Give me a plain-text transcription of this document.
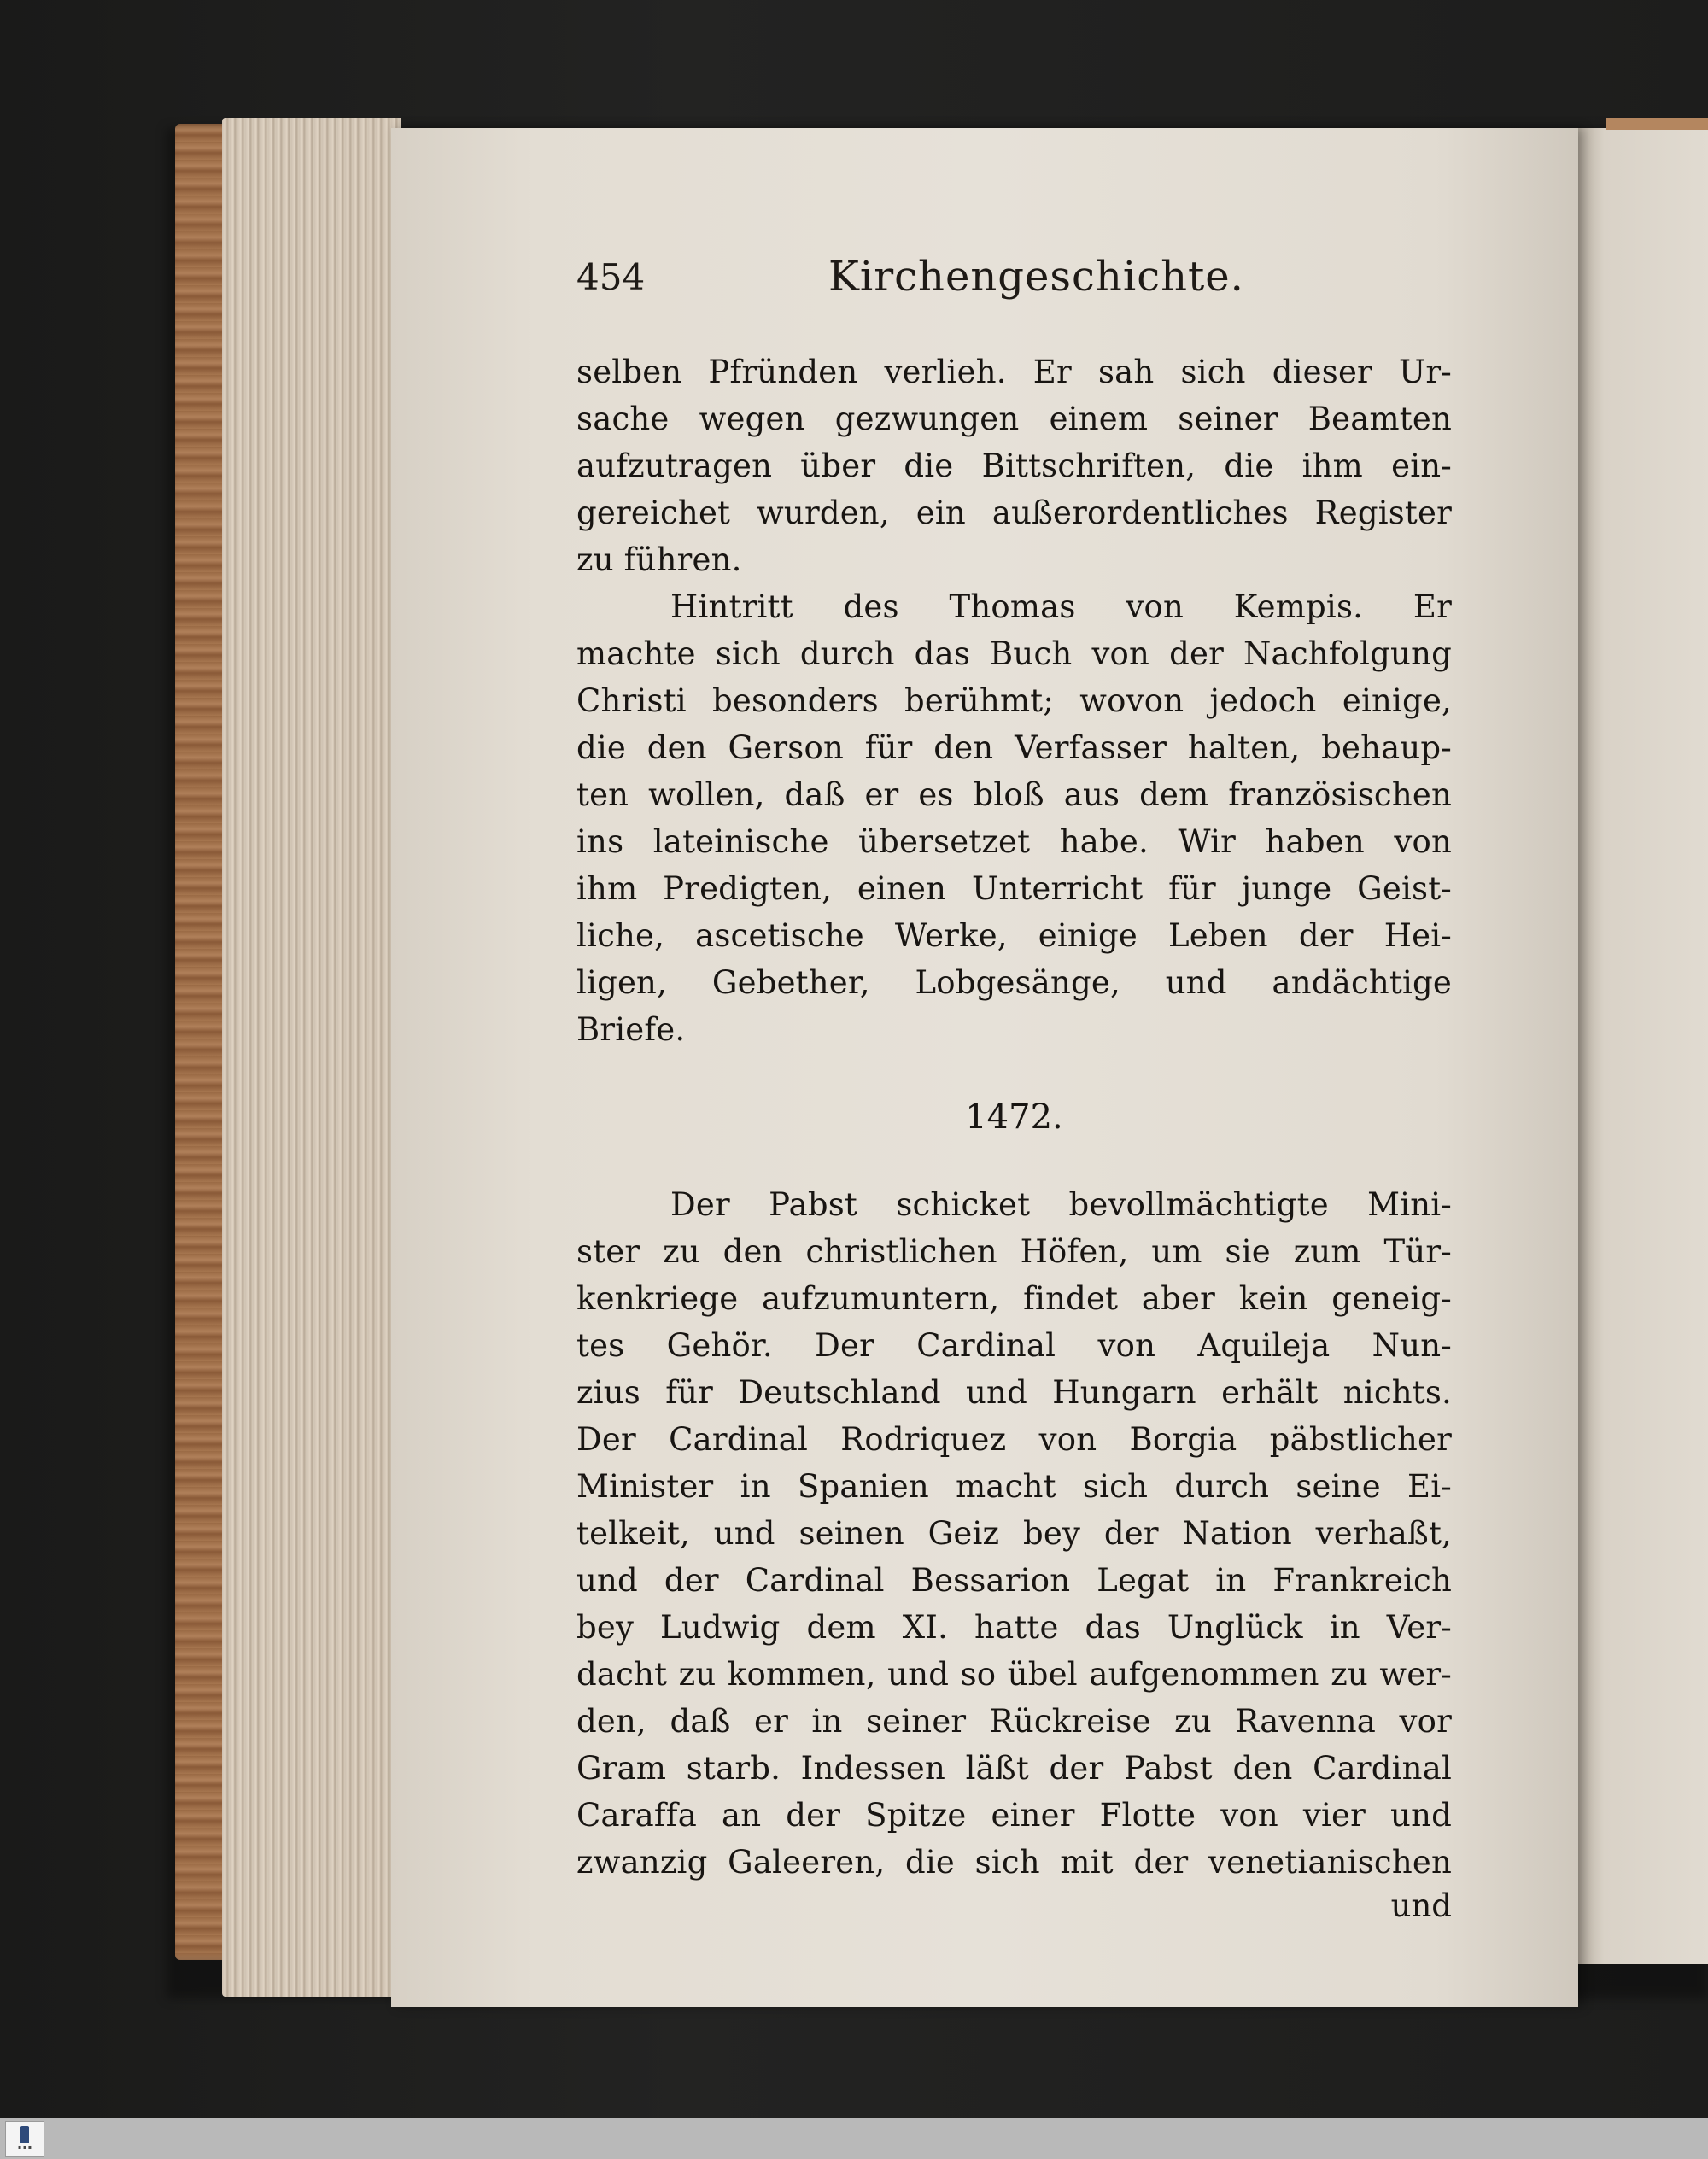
454	Kirchengeschichte.
selben Pfründen verlieh. Er sah sich dieser Ur-
sache wegen gezwungen einem seiner Beamten
aufzutragen über die Bittschriften, die ihm ein-
gereichet wurden, ein außerordentliches Register
zu führen.
Hintritt des Thomas von Kempis. Er
machte sich durch das Buch von der Nachfolgung
Christi besonders berühmt; wovon jedoch einige,
die den Gerson für den Verfasser halten, behaup-
ten wollen, daß er es bloß aus dem französischen
ins lateinische übersetzet habe. Wir haben von
ihm Predigten, einen Unterricht für junge Geist-
liche, ascetische Werke, einige Leben der Hei-
ligen, Gebether, Lobgesänge, und andächtige
Briefe.
1472.
Der Pabst schicket bevollmächtigte Mini-
ster zu den christlichen Höfen, um sie zum Tür-
kenkriege aufzumuntern, findet aber kein geneig-
tes Gehör. Der Cardinal von Aquileja Nun-
zius für Deutschland und Hungarn erhält nichts.
Der Cardinal Rodriquez von Borgia päbstlicher
Minister in Spanien macht sich durch seine Ei-
telkeit, und seinen Geiz bey der Nation verhaßt,
und der Cardinal Bessarion Legat in Frankreich
bey Ludwig dem XI. hatte das Unglück in Ver-
dacht zu kommen, und so übel aufgenommen zu wer-
den, daß er in seiner Rückreise zu Ravenna vor
Gram starb. Indessen läßt der Pabst den Cardinal
Caraffa an der Spitze einer Flotte von vier und
zwanzig Galeeren, die sich mit der venetianischen
und
▪ ▪ ▪
